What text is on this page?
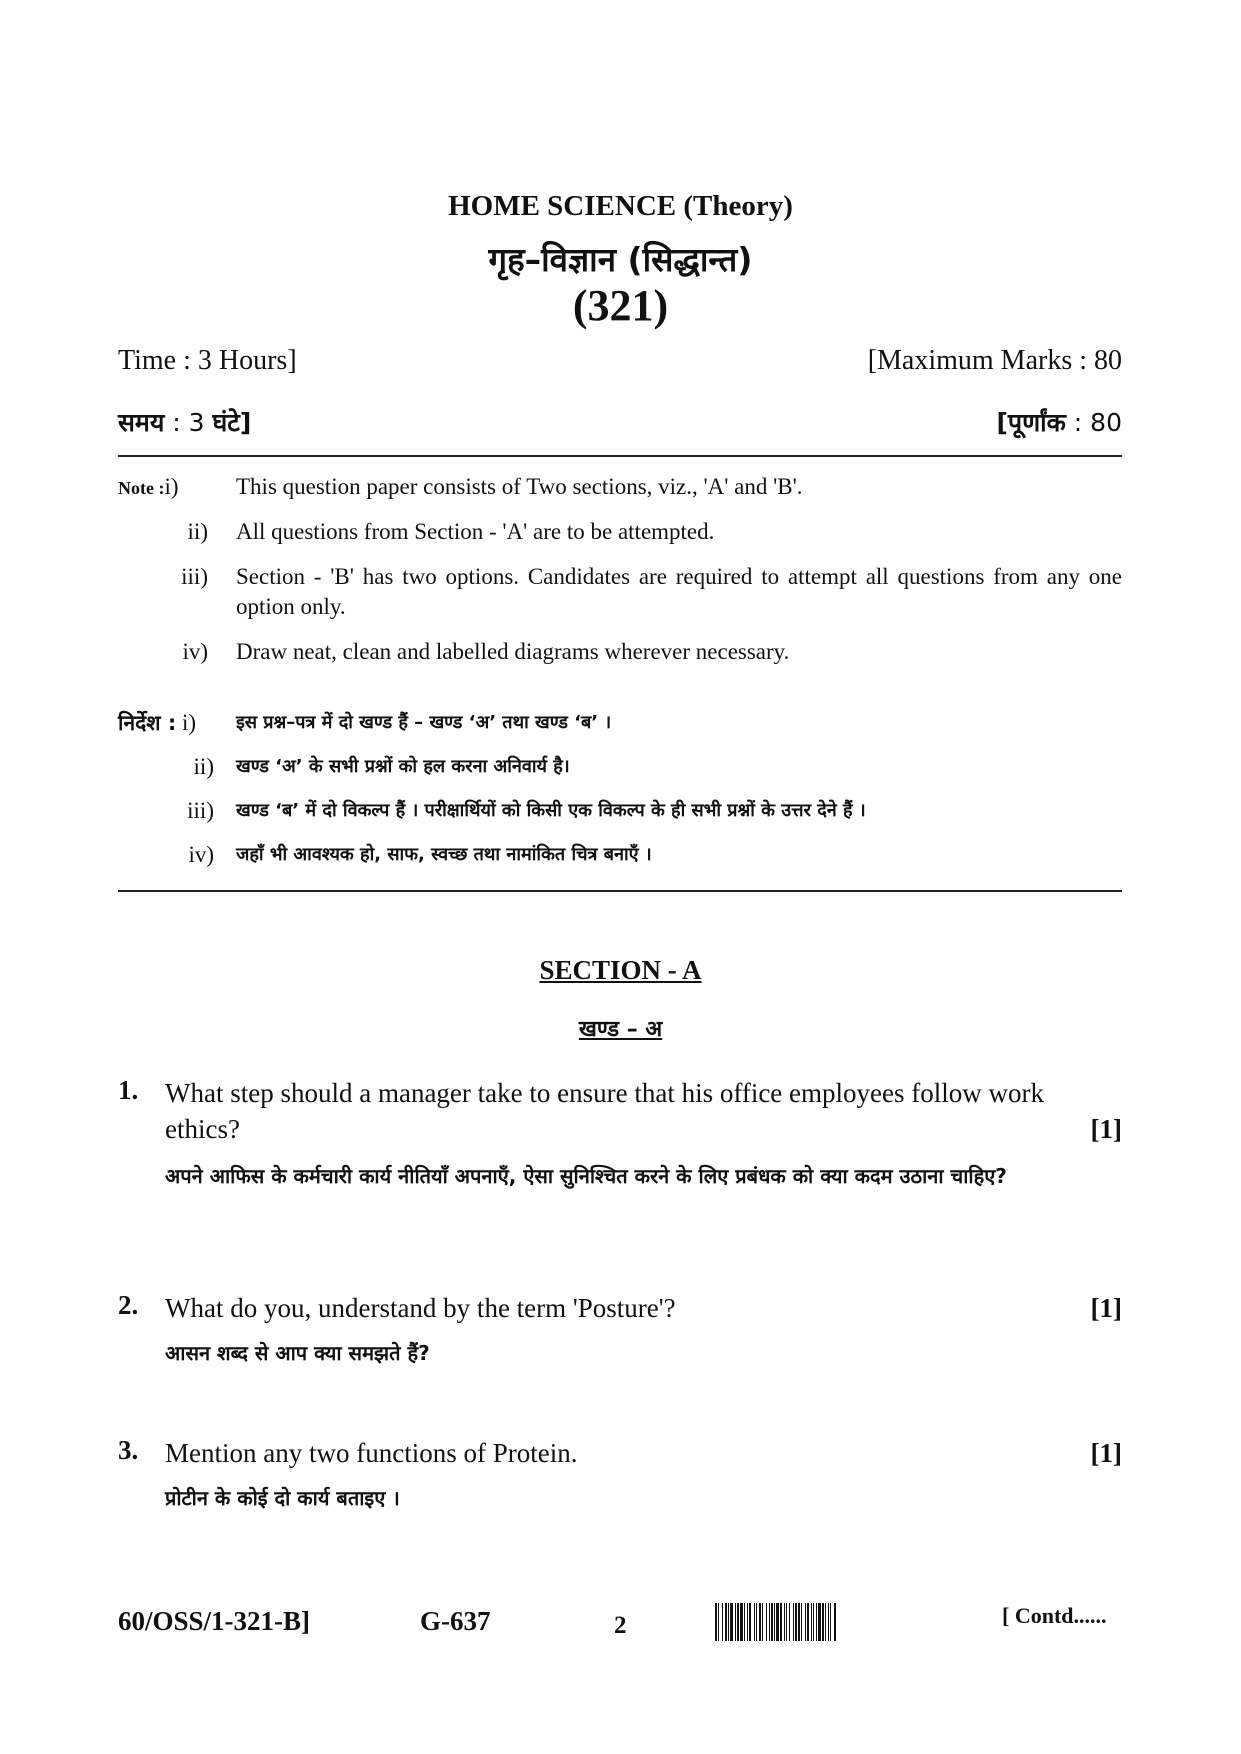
HOME SCIENCE (Theory)
गृह–विज्ञान (सिद्धान्त)
(321)
Time : 3 Hours]	[Maximum Marks : 80
समय : 3 घंटे]	[पूर्णांक : 80
Note :i)	This question paper consists of Two sections, viz., 'A' and 'B'.
ii) All questions from Section - 'A' are to be attempted.
iii) Section - 'B' has two options. Candidates are required to attempt all questions from any one option only.
iv) Draw neat, clean and labelled diagrams wherever necessary.
निर्देश : i)	इस प्रश्न–पत्र में दो खण्ड हैं – खण्ड ‘अ’ तथा खण्ड ‘ब’ ।
ii) खण्ड ‘अ’ के सभी प्रश्नों को हल करना अनिवार्य है।
iii) खण्ड ‘ब’ में दो विकल्प हैं । परीक्षार्थियों को किसी एक विकल्प के ही सभी प्रश्नों के उत्तर देने हैं ।
iv) जहाँ भी आवश्यक हो, साफ, स्वच्छ तथा नामांकित चित्र बनाएँ ।
SECTION - A
खण्ड – अ
1. What step should a manager take to ensure that his office employees follow work ethics?	[1]
अपने आफिस के कर्मचारी कार्य नीतियाँ अपनाएँ, ऐसा सुनिश्चित करने के लिए प्रबंधक को क्या कदम उठाना चाहिए?
2. What do you, understand by the term 'Posture'?	[1]
आसन शब्द से आप क्या समझते हैं?
3. Mention any two functions of Protein.	[1]
प्रोटीन के कोई दो कार्य बताइए ।
60/OSS/1-321-B]	G-637	2	[ Contd......
